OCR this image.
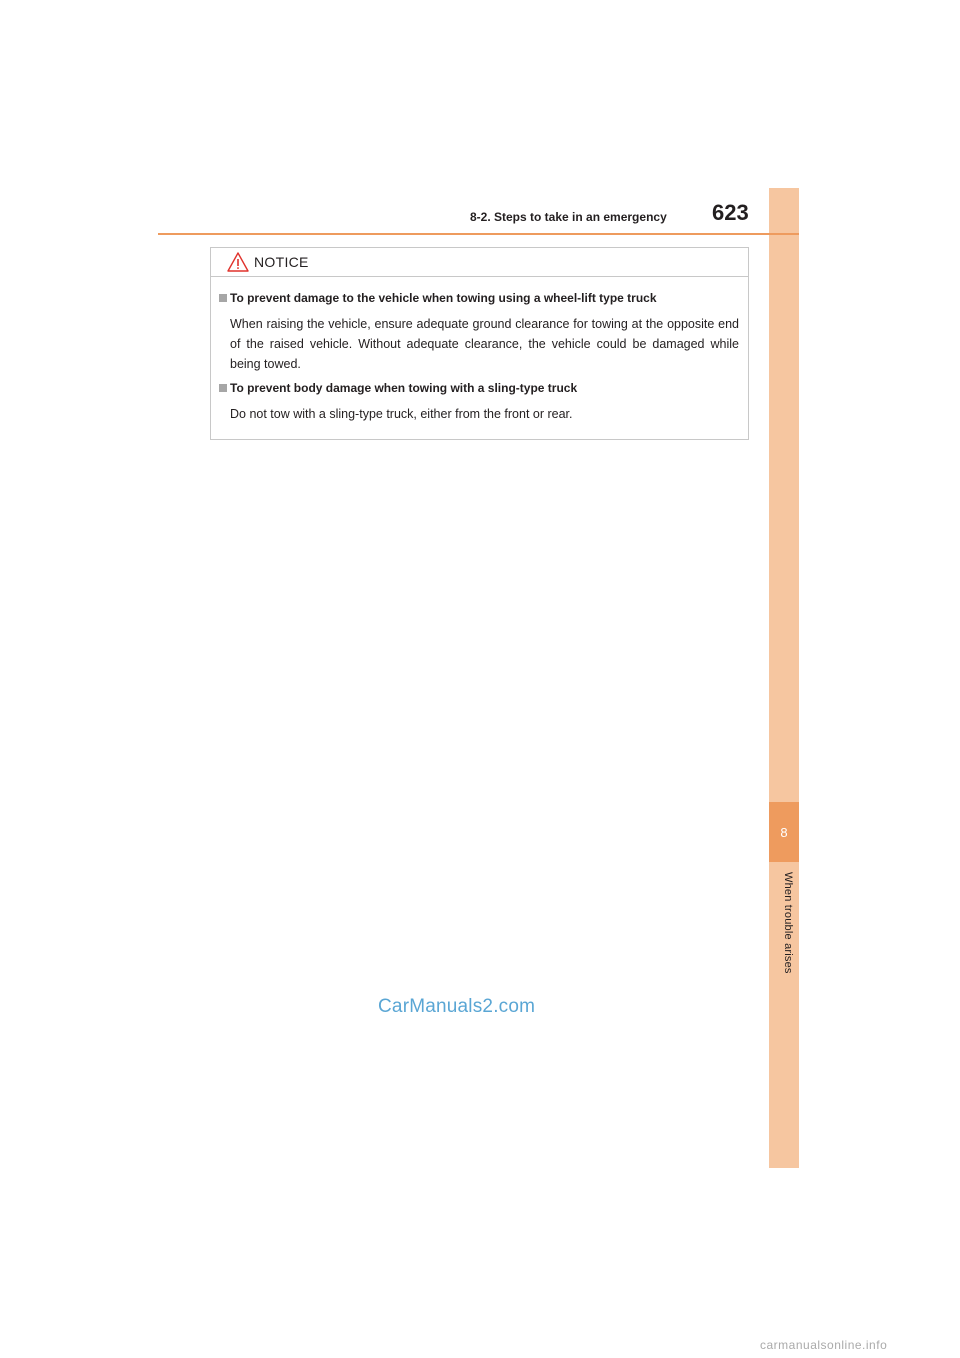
8
When trouble arises
8-2. Steps to take in an emergency 623
NOTICE
To prevent damage to the vehicle when towing using a wheel-lift type truck
When raising the vehicle, ensure adequate ground clearance for towing at the opposite end of the raised vehicle. Without adequate clearance, the vehicle could be damaged while being towed.
To prevent body damage when towing with a sling-type truck
Do not tow with a sling-type truck, either from the front or rear.
CarManuals2.com
carmanualsonline.info
